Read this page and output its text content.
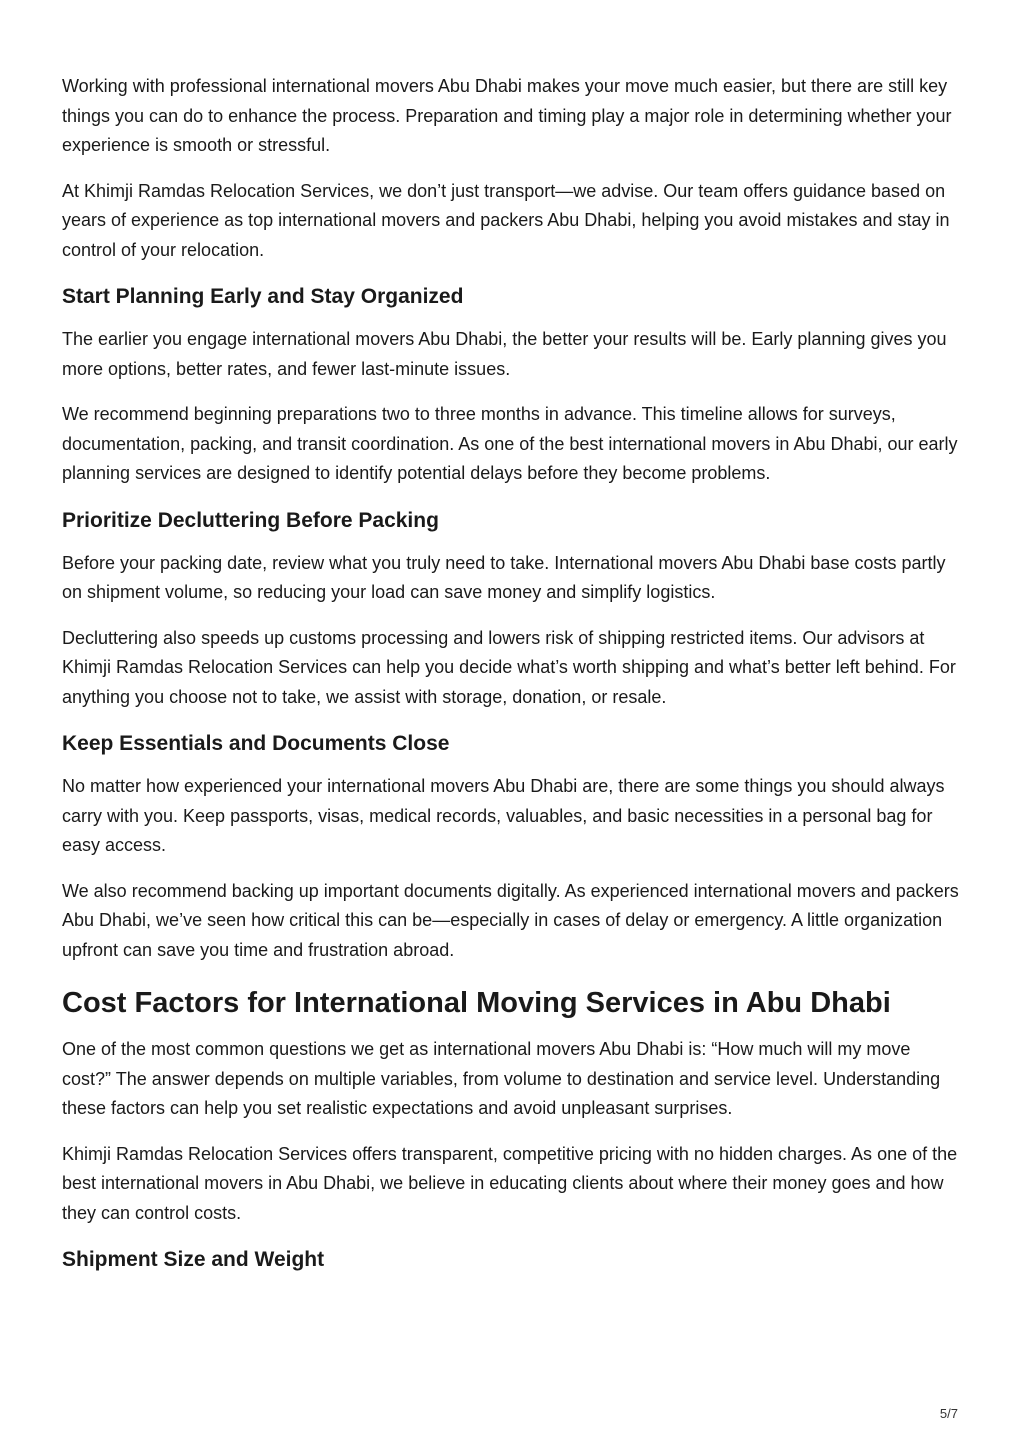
Working with professional international movers Abu Dhabi makes your move much easier, but there are still key things you can do to enhance the process. Preparation and timing play a major role in determining whether your experience is smooth or stressful.

At Khimji Ramdas Relocation Services, we don’t just transport—we advise. Our team offers guidance based on years of experience as top international movers and packers Abu Dhabi, helping you avoid mistakes and stay in control of your relocation.

Start Planning Early and Stay Organized

The earlier you engage international movers Abu Dhabi, the better your results will be. Early planning gives you more options, better rates, and fewer last-minute issues.

We recommend beginning preparations two to three months in advance. This timeline allows for surveys, documentation, packing, and transit coordination. As one of the best international movers in Abu Dhabi, our early planning services are designed to identify potential delays before they become problems.

Prioritize Decluttering Before Packing

Before your packing date, review what you truly need to take. International movers Abu Dhabi base costs partly on shipment volume, so reducing your load can save money and simplify logistics.

Decluttering also speeds up customs processing and lowers risk of shipping restricted items. Our advisors at Khimji Ramdas Relocation Services can help you decide what’s worth shipping and what’s better left behind. For anything you choose not to take, we assist with storage, donation, or resale.

Keep Essentials and Documents Close

No matter how experienced your international movers Abu Dhabi are, there are some things you should always carry with you. Keep passports, visas, medical records, valuables, and basic necessities in a personal bag for easy access.

We also recommend backing up important documents digitally. As experienced international movers and packers Abu Dhabi, we’ve seen how critical this can be—especially in cases of delay or emergency. A little organization upfront can save you time and frustration abroad.

Cost Factors for International Moving Services in Abu Dhabi

One of the most common questions we get as international movers Abu Dhabi is: “How much will my move cost?” The answer depends on multiple variables, from volume to destination and service level. Understanding these factors can help you set realistic expectations and avoid unpleasant surprises.

Khimji Ramdas Relocation Services offers transparent, competitive pricing with no hidden charges. As one of the best international movers in Abu Dhabi, we believe in educating clients about where their money goes and how they can control costs.

Shipment Size and Weight
5/7
